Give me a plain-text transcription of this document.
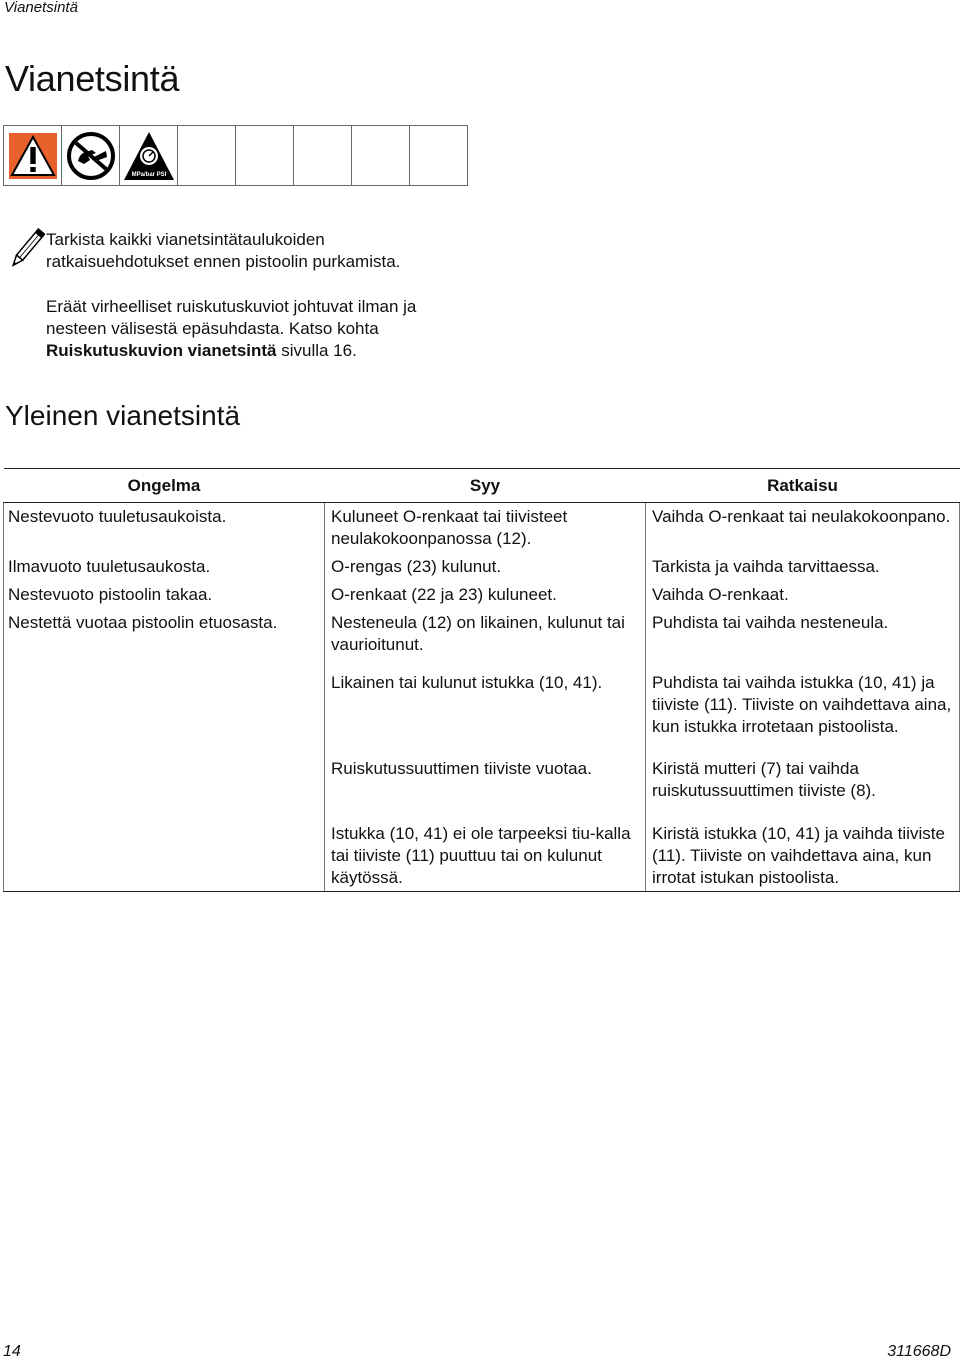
Vianetsintä
Vianetsintä
MPa/bar PSI
Tarkista kaikki vianetsintätaulukoiden ratkaisuehdotukset ennen pistoolin purkamista.
Eräät virheelliset ruiskutuskuviot johtuvat ilman ja nesteen välisestä epäsuhdasta. Katso kohta Ruiskutuskuvion vianetsintä sivulla 16.
Yleinen vianetsintä
Ongelma	Syy	Ratkaisu
Nestevuoto tuuletusaukoista.	Kuluneet O-renkaat tai tiivisteet neulakokoonpanossa (12).	Vaihda O-renkaat tai neulakokoonpano.
Ilmavuoto tuuletusaukosta.	O-rengas (23) kulunut.	Tarkista ja vaihda tarvittaessa.
Nestevuoto pistoolin takaa.	O-renkaat (22 ja 23) kuluneet.	Vaihda O-renkaat.
Nestettä vuotaa pistoolin etuosasta.	Nesteneula (12) on likainen, kulunut tai vaurioitunut.	Puhdista tai vaihda nesteneula.
	Likainen tai kulunut istukka (10, 41).	Puhdista tai vaihda istukka (10, 41) ja tiiviste (11). Tiiviste on vaihdettava aina, kun istukka irrotetaan pistoolista.
	Ruiskutussuuttimen tiiviste vuotaa.	Kiristä mutteri (7) tai vaihda ruiskutussuuttimen tiiviste (8).
	Istukka (10, 41) ei ole tarpeeksi tiu-kalla tai tiiviste (11) puuttuu tai on kulunut käytössä.	Kiristä istukka (10, 41) ja vaihda tiiviste (11). Tiiviste on vaihdettava aina, kun irrotat istukan pistoolista.
14	311668D
